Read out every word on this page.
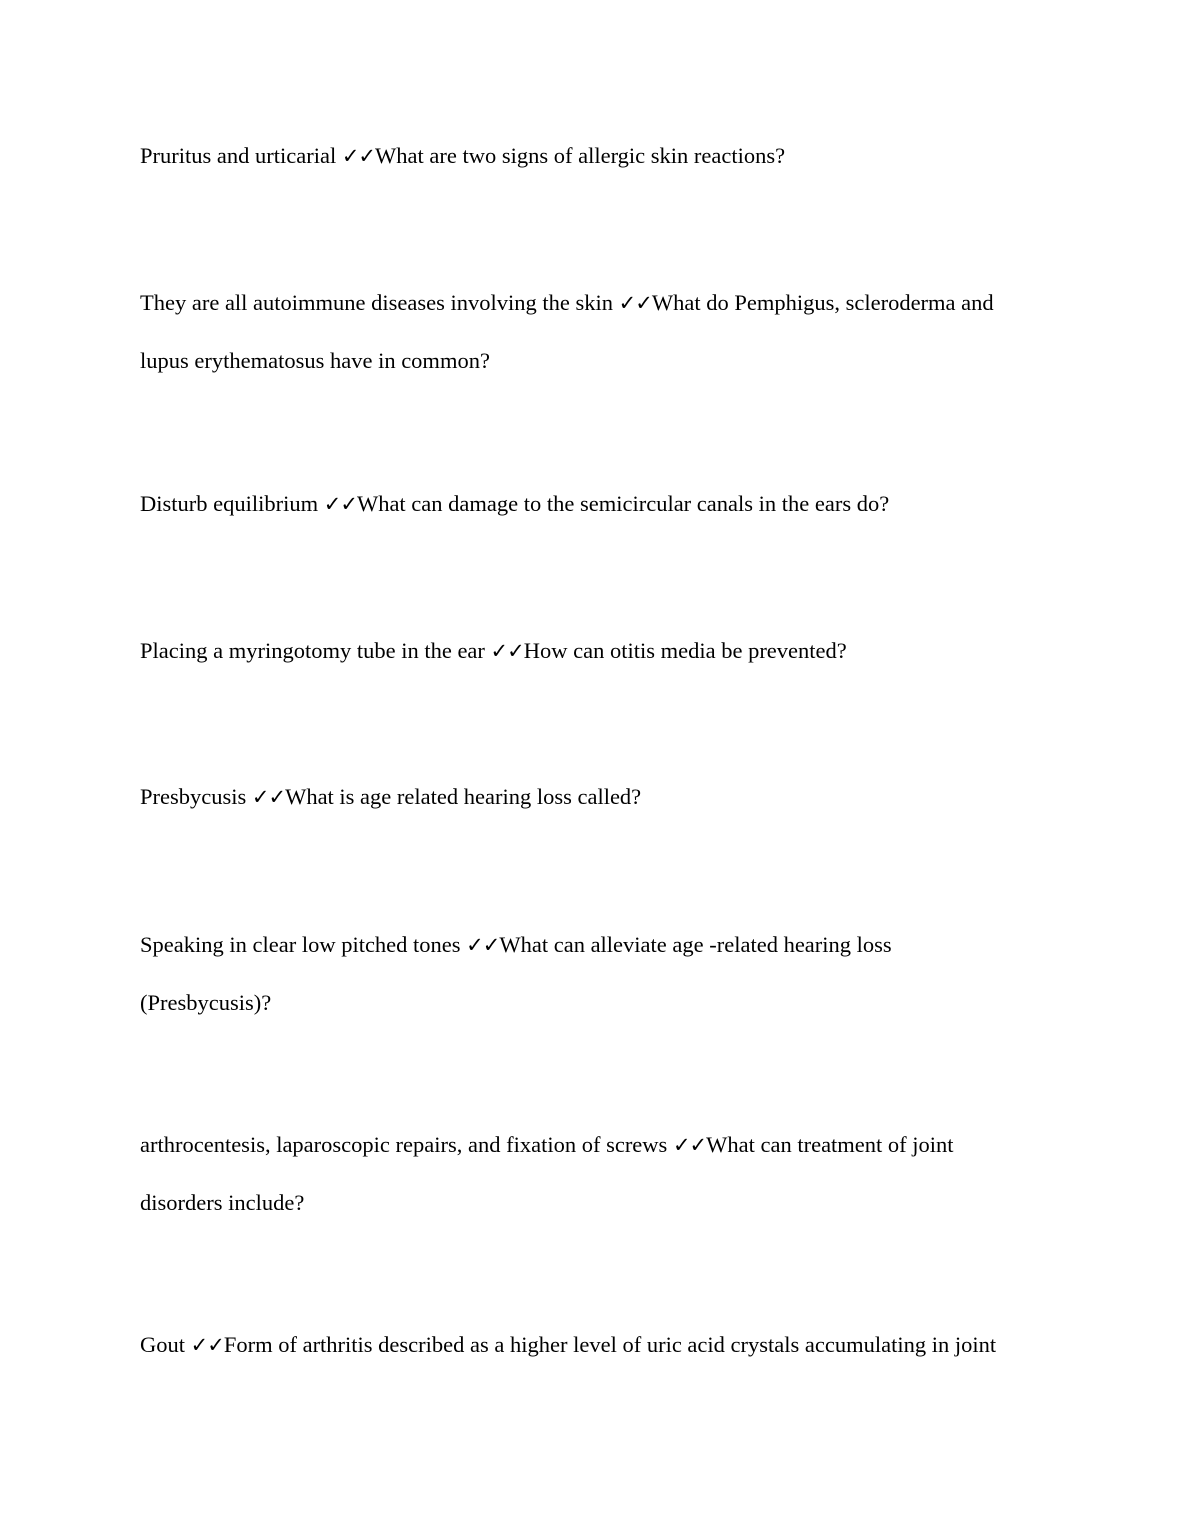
Pruritus and urticarial ✓✓What are two signs of allergic skin reactions?
They are all autoimmune diseases involving the skin ✓✓What do Pemphigus, scleroderma and
lupus erythematosus have in common?
Disturb equilibrium ✓✓What can damage to the semicircular canals in the ears do?
Placing a myringotomy tube in the ear ✓✓How can otitis media be prevented?
Presbycusis ✓✓What is age related hearing loss called?
Speaking in clear low pitched tones ✓✓What can alleviate age -related hearing loss
(Presbycusis)?
arthrocentesis, laparoscopic repairs, and fixation of screws ✓✓What can treatment of joint
disorders include?
Gout ✓✓Form of arthritis described as a higher level of uric acid crystals accumulating in joint
